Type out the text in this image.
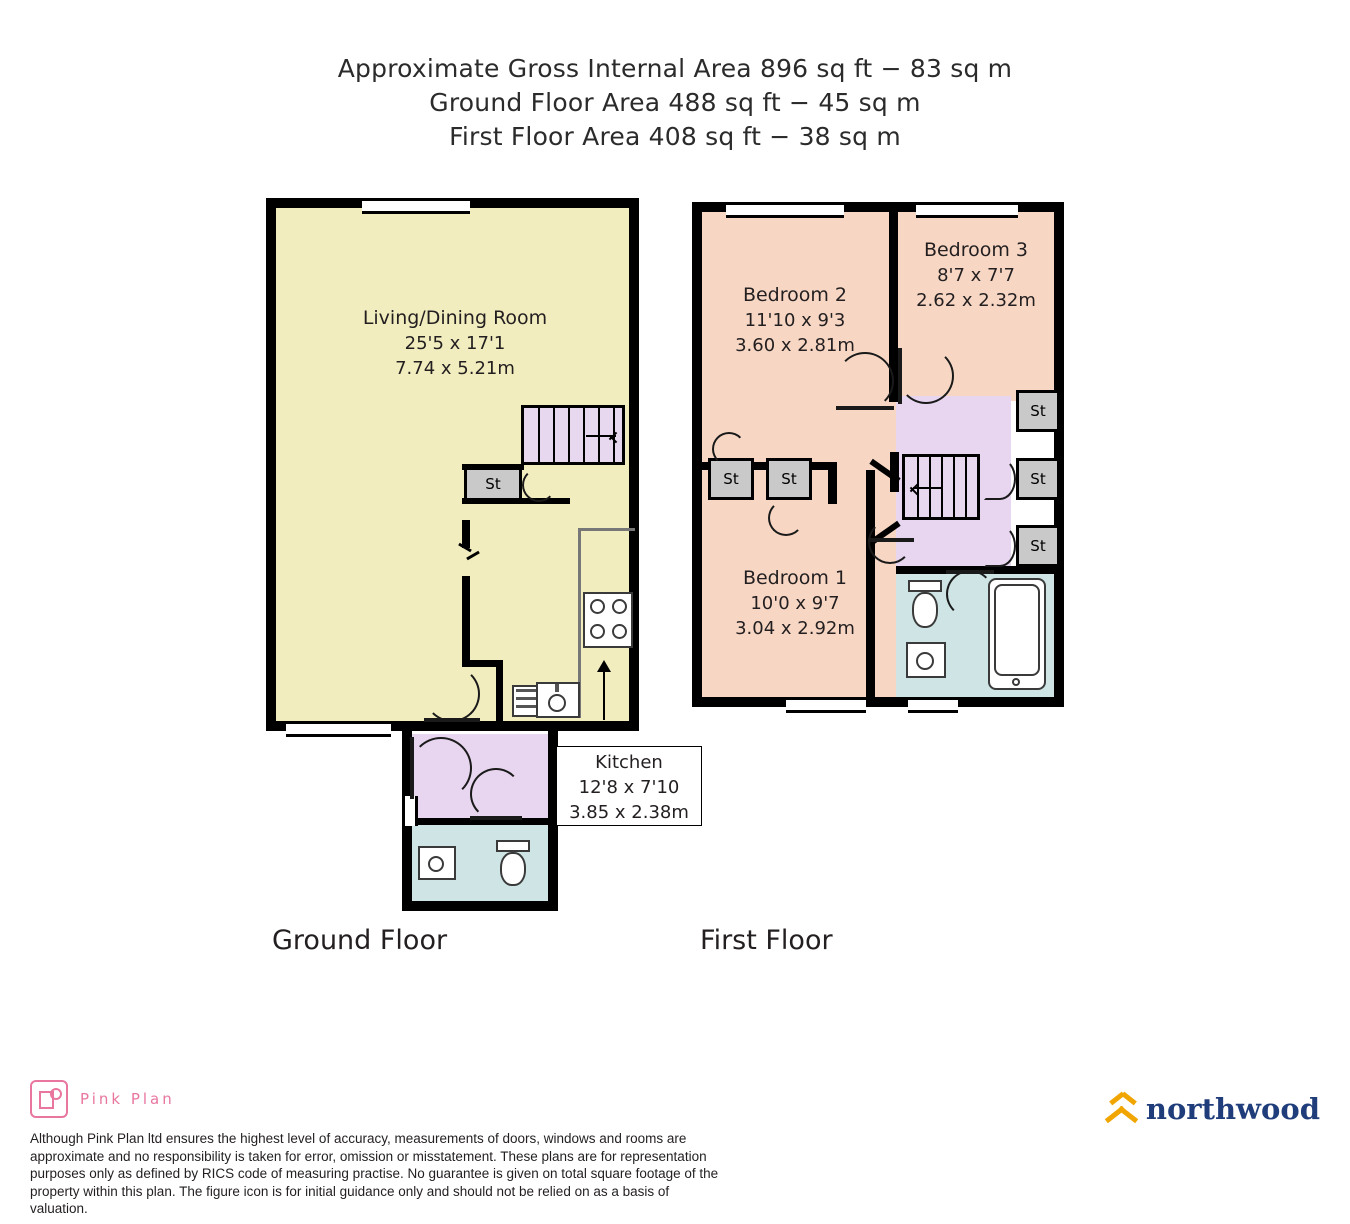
Approximate Gross Internal Area 896 sq ft − 83 sq m
Ground Floor Area 488 sq ft − 45 sq m
First Floor Area 408 sq ft − 38 sq m
St
Living/Dining Room
25'5 x 17'1
7.74 x 5.21m
Kitchen
12'8 x 7'10
3.85 x 2.38m
Ground Floor
St	St
St
St
St
Bedroom 2
11'10 x 9'3
3.60 x 2.81m
Bedroom 3
8'7 x 7'7
2.62 x 2.32m
Bedroom 1
10'0 x 9'7
3.04 x 2.92m
First Floor
Pink Plan
Although Pink Plan ltd ensures the highest level of accuracy, measurements of doors, windows and rooms are approximate and no responsibility is taken for error, omission or misstatement. These plans are for representation purposes only as defined by RICS code of measuring practise. No guarantee is given on total square footage of the property within this plan. The figure icon is for initial guidance only and should not be relied on as a basis of valuation.
northwood
